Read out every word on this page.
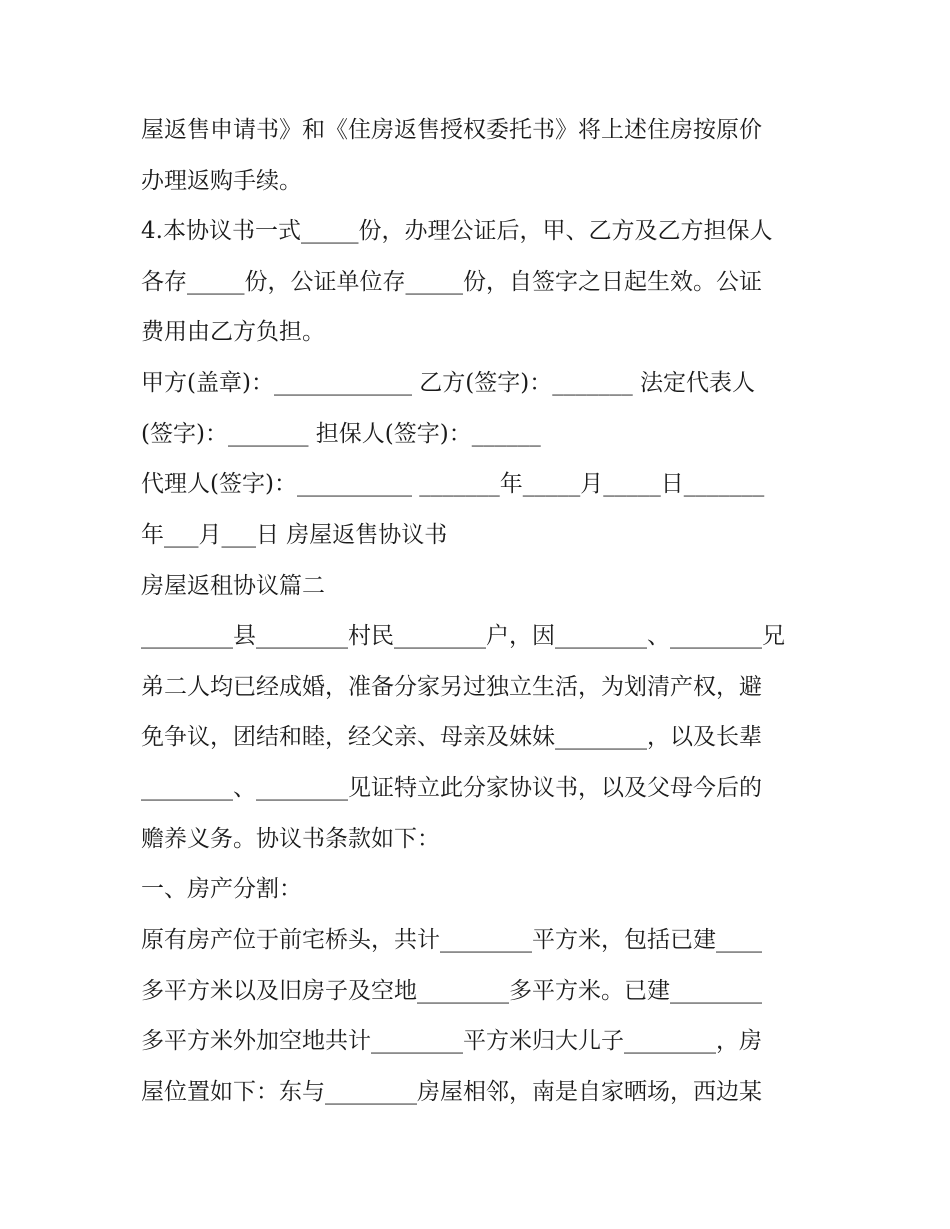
屋返售申请书》和《住房返售授权委托书》将上述住房按原价
办理返购手续。
4.本协议书一式_____份，办理公证后，甲、乙方及乙方担保人
各存_____份，公证单位存_____份，自签字之日起生效。公证
费用由乙方负担。
甲方(盖章)：____________ 乙方(签字)：_______ 法定代表人
(签字)：_______ 担保人(签字)：______
代理人(签字)：__________ _______年_____月_____日_______
年___月___日 房屋返售协议书
房屋返租协议篇二
________县________村民________户，因________、________兄
弟二人均已经成婚，准备分家另过独立生活，为划清产权，避
免争议，团结和睦，经父亲、母亲及妹妹________，以及长辈
________、________见证特立此分家协议书，以及父母今后的
赡养义务。协议书条款如下：
一、房产分割：
原有房产位于前宅桥头，共计________平方米，包括已建____
多平方米以及旧房子及空地________多平方米。已建________
多平方米外加空地共计________平方米归大儿子________，房
屋位置如下：东与________房屋相邻，南是自家晒场，西边某
